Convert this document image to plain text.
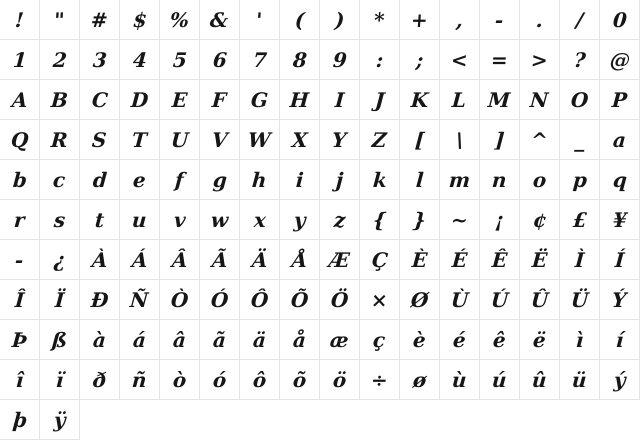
! " # $ % & ' ( ) * + , - . / 0
1 2 3 4 5 6 7 8 9 : ; < = > ? @
A B C D E F G H I J K L M N O P
Q R S T U V W X Y Z [ \ ] ^ _ a
b c d e f g h i j k l m n o p q
r s t u v w x y z { } ~ ¡ ¢ £ ¥
- ¿ À Á Â Ã Ä Å Æ Ç È É Ê Ë Ì Í
Î Ï Ð Ñ Ò Ó Ô Õ Ö × Ø Ù Ú Û Ü Ý
Þ ß à á â ã ä å æ ç è é ê ë ì í
î ï ð ñ ò ó ô õ ö ÷ ø ù ú û ü ý
þ ÿ
